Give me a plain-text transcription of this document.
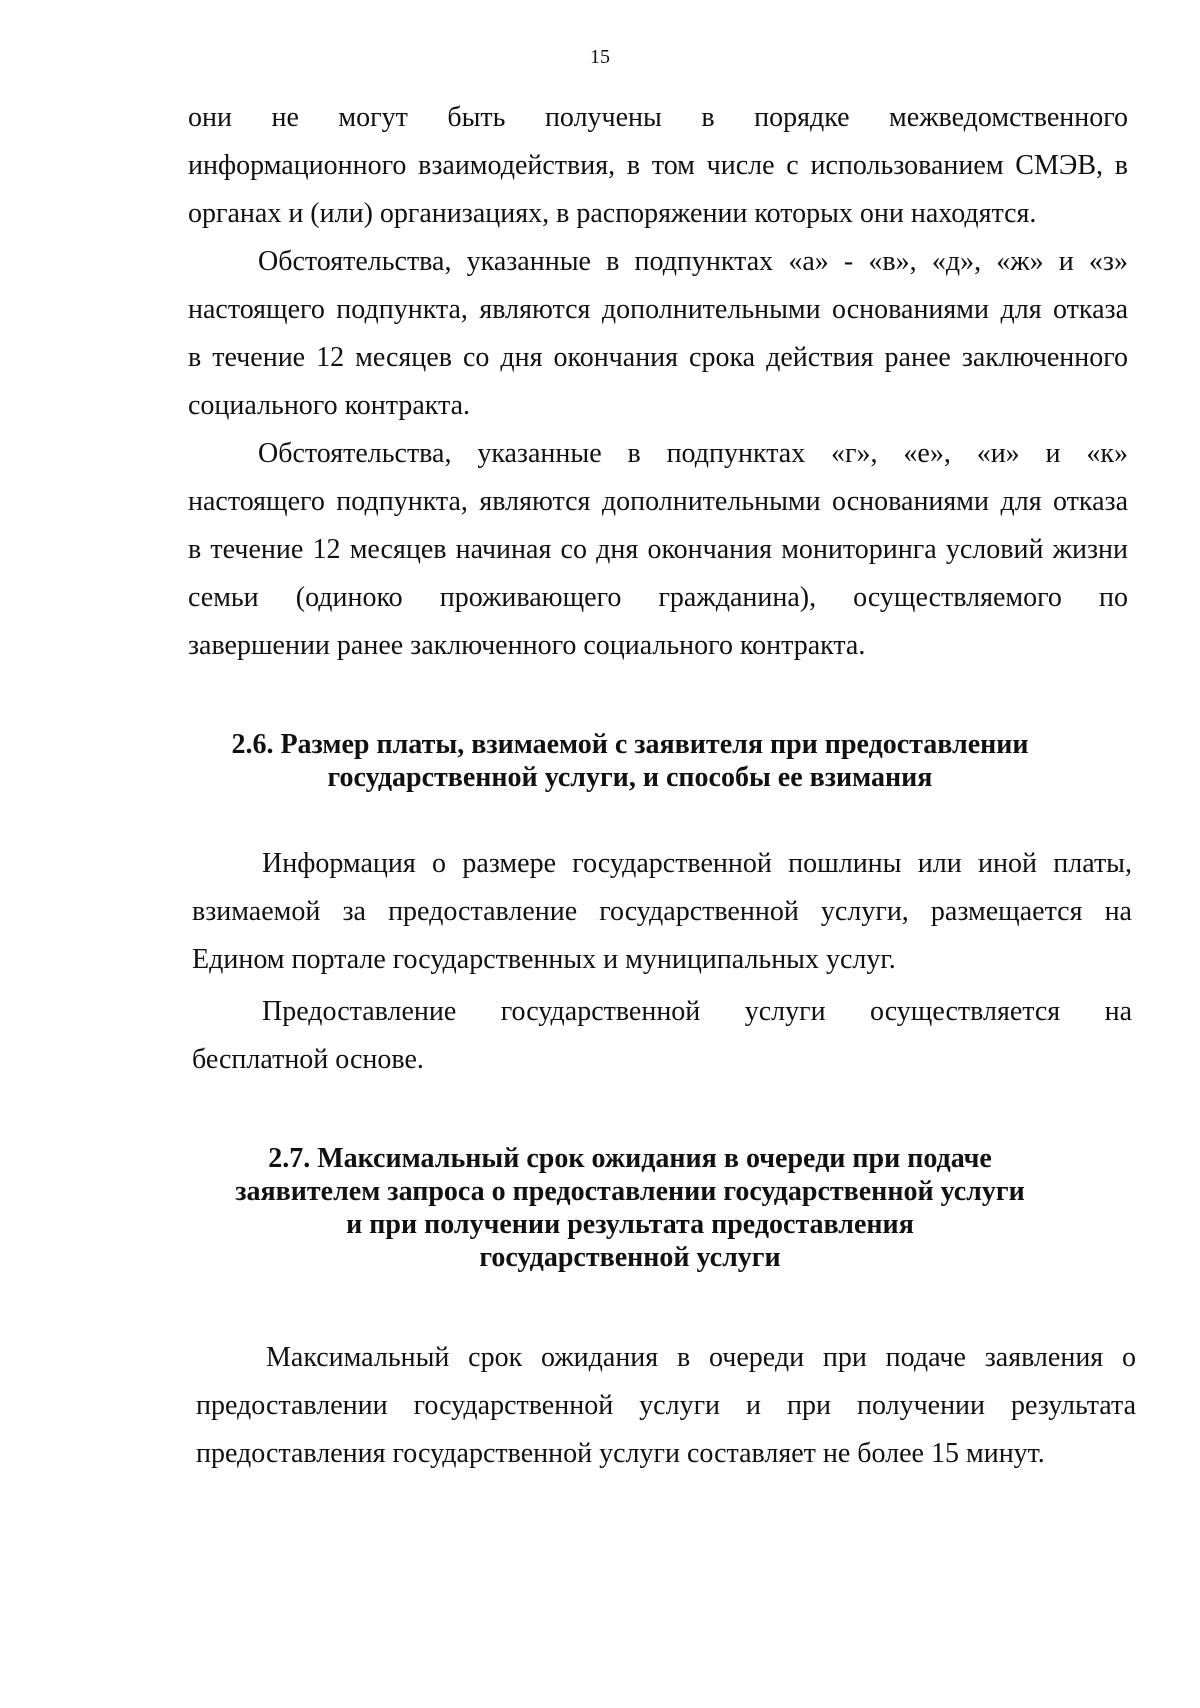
15
они не могут быть получены в порядке межведомственного
информационного взаимодействия, в том числе с использованием СМЭВ, в
органах и (или) организациях, в распоряжении которых они находятся.
Обстоятельства, указанные в подпунктах «а» - «в», «д», «ж» и «з»
настоящего подпункта, являются дополнительными основаниями для отказа
в течение 12 месяцев со дня окончания срока действия ранее заключенного
социального контракта.
Обстоятельства, указанные в подпунктах «г», «е», «и» и «к»
настоящего подпункта, являются дополнительными основаниями для отказа
в течение 12 месяцев начиная со дня окончания мониторинга условий жизни
семьи (одиноко проживающего гражданина), осуществляемого по
завершении ранее заключенного социального контракта.
2.6. Размер платы, взимаемой с заявителя при предоставлении
государственной услуги, и способы ее взимания
Информация о размере государственной пошлины или иной платы,
взимаемой за предоставление государственной услуги, размещается на
Едином портале государственных и муниципальных услуг.
Предоставление государственной услуги осуществляется на
бесплатной основе.
2.7. Максимальный срок ожидания в очереди при подаче
заявителем запроса о предоставлении государственной услуги
и при получении результата предоставления
государственной услуги
Максимальный срок ожидания в очереди при подаче заявления о
предоставлении государственной услуги и при получении результата
предоставления государственной услуги составляет не более 15 минут.
